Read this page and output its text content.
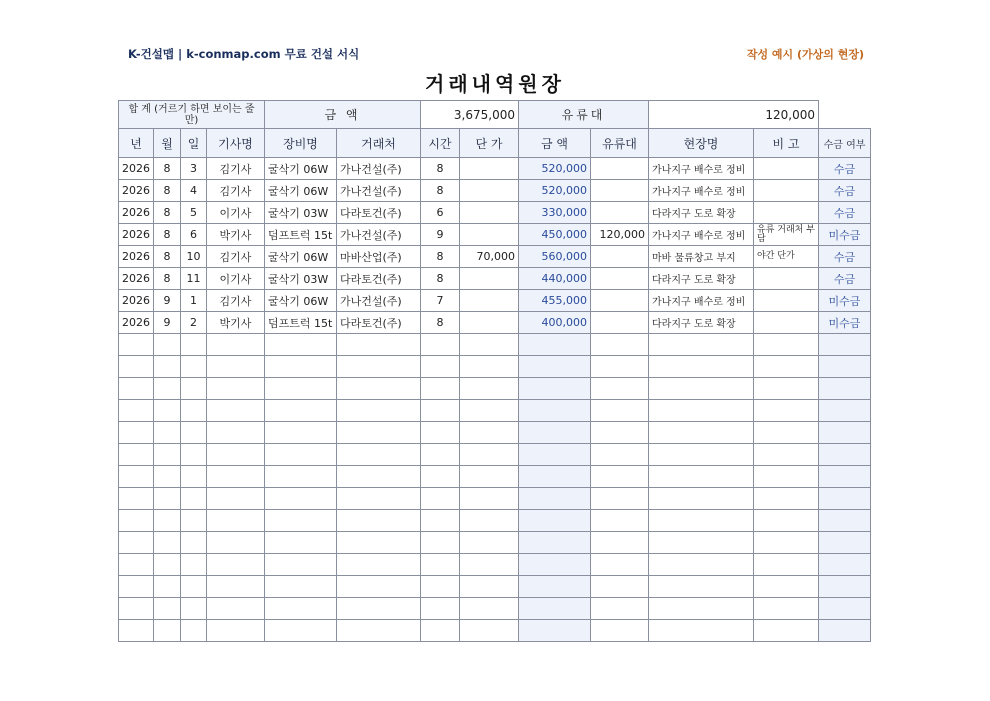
K-건설맵 | k-conmap.com 무료 건설 서식	작성 예시 (가상의 현장)
거래내역원장
합 계 (거르기 하면 보이는 줄만)				금 액		3,675,000		유류대		120,000		
년	월	일	기사명	장비명	거래처	시간	단 가	금 액	유류대	현장명	비 고	수금 여부
2026	8	3	김기사	굴삭기 06W	가나건설(주)	8		520,000		가나지구 배수로 정비		수금
2026	8	4	김기사	굴삭기 06W	가나건설(주)	8		520,000		가나지구 배수로 정비		수금
2026	8	5	이기사	굴삭기 03W	다라토건(주)	6		330,000		다라지구 도로 확장		수금
2026	8	6	박기사	덤프트럭 15t	가나건설(주)	9		450,000	120,000	가나지구 배수로 정비	유류 거래처 부담	미수금
2026	8	10	김기사	굴삭기 06W	마바산업(주)	8	70,000	560,000		마바 물류창고 부지	야간 단가	수금
2026	8	11	이기사	굴삭기 03W	다라토건(주)	8		440,000		다라지구 도로 확장		수금
2026	9	1	김기사	굴삭기 06W	가나건설(주)	7		455,000		가나지구 배수로 정비		미수금
2026	9	2	박기사	덤프트럭 15t	다라토건(주)	8		400,000		다라지구 도로 확장		미수금
